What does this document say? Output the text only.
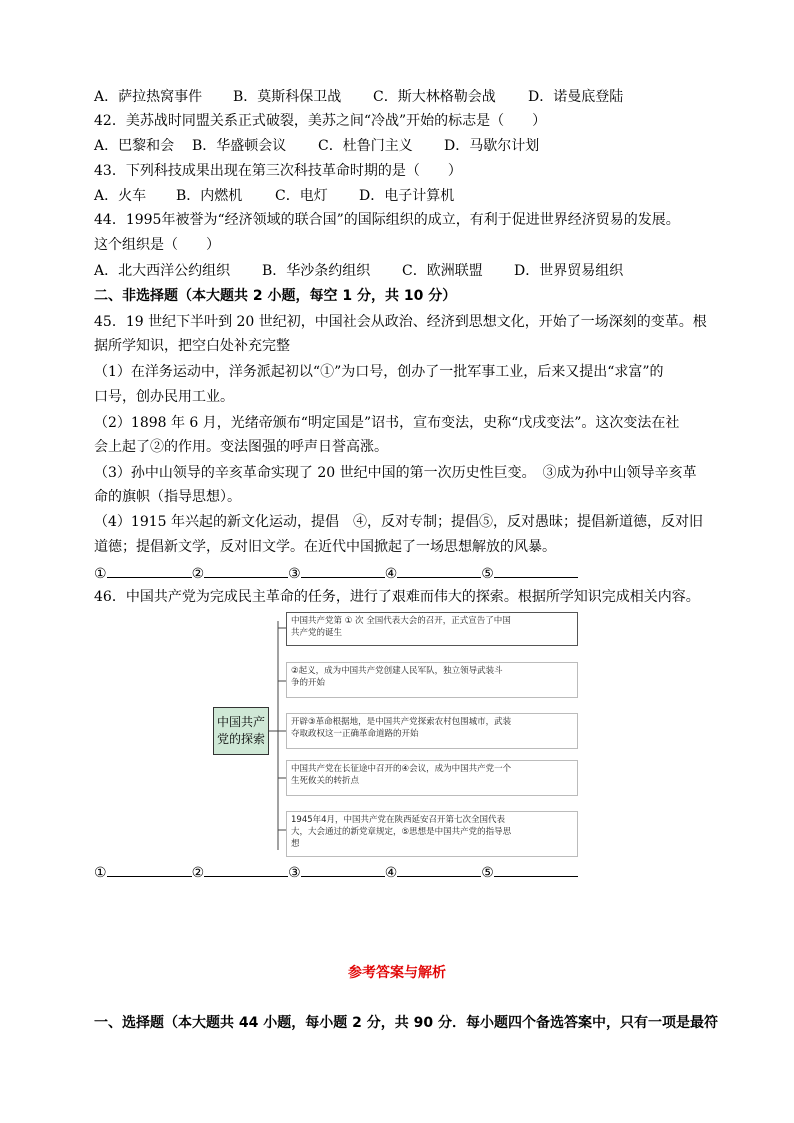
A．萨拉热窝事件 B．莫斯科保卫战 C．斯大林格勒会战 D．诺曼底登陆
42．美苏战时同盟关系正式破裂，美苏之间“冷战”开始的标志是（　　）
A．巴黎和会 B．华盛顿会议 C．杜鲁门主义 D．马歇尔计划
43．下列科技成果出现在第三次科技革命时期的是（　　）
A．火车 B．内燃机 C．电灯 D．电子计算机
44．1995年被誉为“经济领域的联合国”的国际组织的成立，有利于促进世界经济贸易的发展。
这个组织是（　　）
A．北大西洋公约组织 B．华沙条约组织 C．欧洲联盟 D．世界贸易组织
二、非选择题（本大题共 2 小题，每空 1 分，共 10 分）
45．19 世纪下半叶到 20 世纪初，中国社会从政治、经济到思想文化，开始了一场深刻的变革。根
据所学知识，把空白处补充完整
（1）在洋务运动中，洋务派起初以“①”为口号，创办了一批军事工业，后来又提出“求富”的
口号，创办民用工业。
（2）1898 年 6 月，光绪帝颁布“明定国是”诏书，宣布变法，史称“戊戌变法”。这次变法在社
会上起了②的作用。变法图强的呼声日誉高涨。
（3）孙中山领导的辛亥革命实现了 20 世纪中国的第一次历史性巨变。　③成为孙中山领导辛亥革
命的旗帜（指导思想）。
（4）1915 年兴起的新文化运动，提倡　④，反对专制；提倡⑤，反对愚昧；提倡新道德，反对旧
道德；提倡新文学，反对旧文学。在近代中国掀起了一场思想解放的风暴。
①	②	③	④	⑤
46．中国共产党为完成民主革命的任务，进行了艰难而伟大的探索。根据所学知识完成相关内容。
中国共产
党的探索
中国共产党第 ① 次 全国代表大会的召开，正式宣告了中国
共产党的诞生
②起义，成为中国共产党创建人民军队，独立领导武装斗
争的开始
开辟③革命根据地，是中国共产党探索农村包围城市，武装
夺取政权这一正确革命道路的开始
中国共产党在长征途中召开的④会议，成为中国共产党一个
生死攸关的转折点
1945年4月，中国共产党在陕西延安召开第七次全国代表
大，大会通过的新党章规定，⑤思想是中国共产党的指导思
想
①	②	③	④	⑤
参考答案与解析
一、选择题（本大题共 44 小题，每小题 2 分，共 90 分．每小题四个备选答案中，只有一项是最符
